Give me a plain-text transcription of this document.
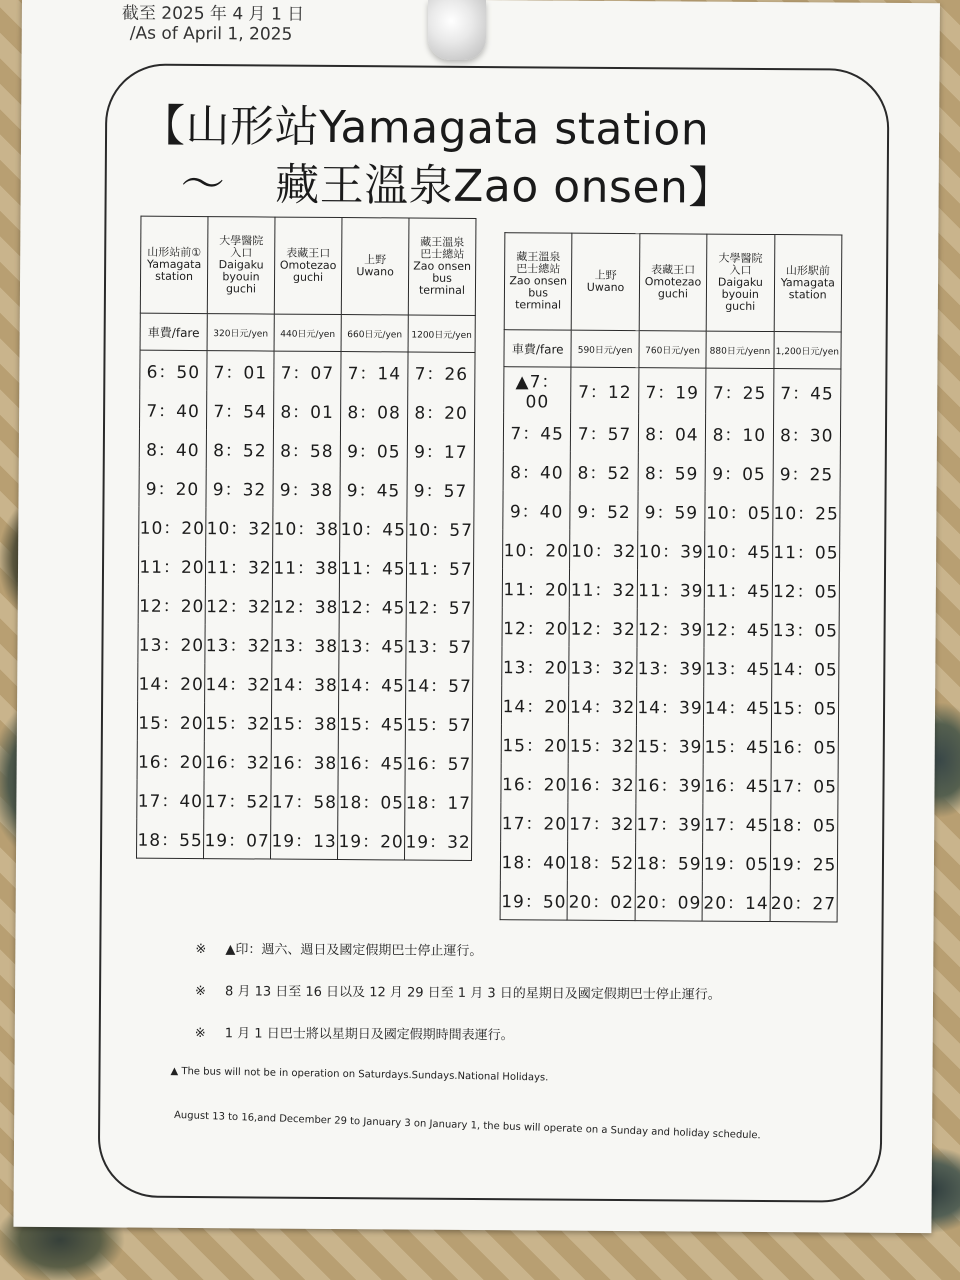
截至 2025 年 4 月 1 日
/As of April 1, 2025
【山形站Yamagata station
〜 藏王溫泉Zao onsen】
山形站前①
Yamagata
station	大學醫院
入口
Daigaku
byouin
guchi	表藏王口
Omotezao
guchi	上野
Uwano	藏王溫泉
巴士總站
Zao onsen
bus
terminal

車費/fare	320日元/yen	440日元/yen	660日元/yen	1200日元/yen
6：50	7：01	7：07	7：14	7：26
7：40	7：54	8：01	8：08	8：20
8：40	8：52	8：58	9：05	9：17
9：20	9：32	9：38	9：45	9：57
10：20	10：32	10：38	10：45	10：57
11：20	11：32	11：38	11：45	11：57
12：20	12：32	12：38	12：45	12：57
13：20	13：32	13：38	13：45	13：57
14：20	14：32	14：38	14：45	14：57
15：20	15：32	15：38	15：45	15：57
16：20	16：32	16：38	16：45	16：57
17：40	17：52	17：58	18：05	18：17
18：55	19：07	19：13	19：20	19：32
藏王溫泉
巴士總站
Zao onsen
bus
terminal	上野
Uwano	表藏王口
Omotezao
guchi	大學醫院
入口
Daigaku
byouin
guchi	山形駅前
Yamagata
station

車費/fare	590日元/yen	760日元/yen	880日元/yenn	1,200日元/yen
▲7：00	7：12	7：19	7：25	7：45
7：45	7：57	8：04	8：10	8：30
8：40	8：52	8：59	9：05	9：25
9：40	9：52	9：59	10：05	10：25
10：20	10：32	10：39	10：45	11：05
11：20	11：32	11：39	11：45	12：05
12：20	12：32	12：39	12：45	13：05
13：20	13：32	13：39	13：45	14：05
14：20	14：32	14：39	14：45	15：05
15：20	15：32	15：39	15：45	16：05
16：20	16：32	16：39	16：45	17：05
17：20	17：32	17：39	17：45	18：05
18：40	18：52	18：59	19：05	19：25
19：50	20：02	20：09	20：14	20：27
※ ▲印：週六、週日及國定假期巴士停止運行。
※ 8 月 13 日至 16 日以及 12 月 29 日至 1 月 3 日的星期日及國定假期巴士停止運行。
※ 1 月 1 日巴士將以星期日及國定假期時間表運行。
▲ The bus will not be in operation on Saturdays.Sundays.National Holidays.
August 13 to 16,and December 29 to January 3 on January 1, the bus will operate on a Sunday and holiday schedule.
